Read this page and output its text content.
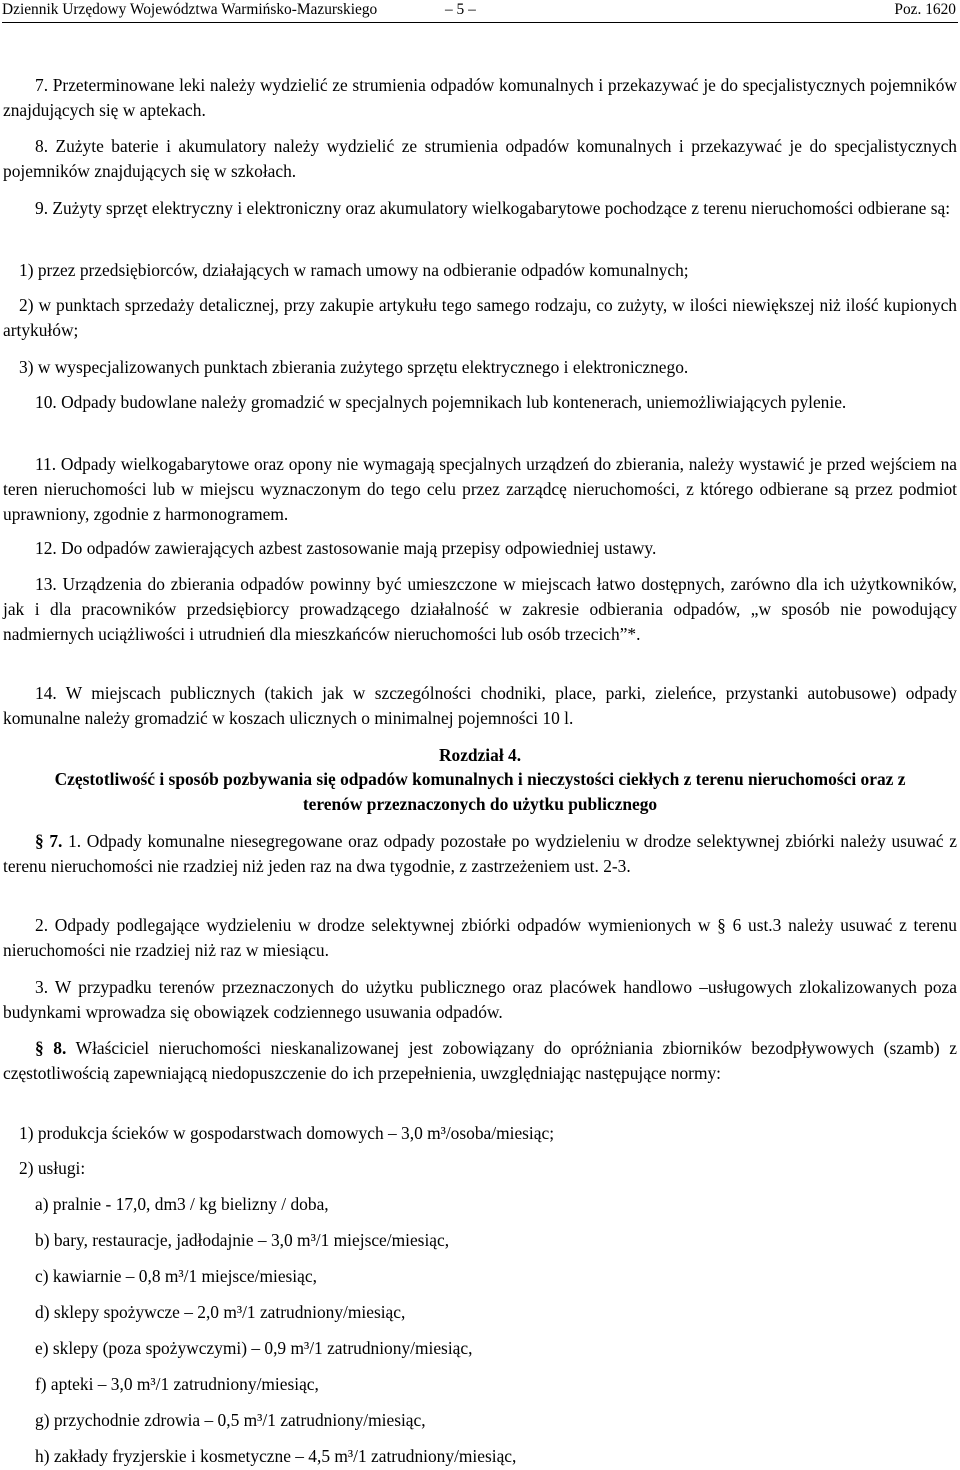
Dziennik Urzędowy Województwa Warmińsko-Mazurskiego	– 5 –	Poz. 1620

7. Przeterminowane leki należy wydzielić ze strumienia odpadów komunalnych i przekazywać je do specjalistycznych pojemników znajdujących się w aptekach.

8. Zużyte baterie i akumulatory należy wydzielić ze strumienia odpadów komunalnych i przekazywać je do specjalistycznych pojemników znajdujących się w szkołach.

9. Zużyty sprzęt elektryczny i elektroniczny oraz akumulatory wielkogabarytowe pochodzące z terenu nieruchomości odbierane są:

1) przez przedsiębiorców, działających w ramach umowy na odbieranie odpadów komunalnych;

2) w punktach sprzedaży detalicznej, przy zakupie artykułu tego samego rodzaju, co zużyty, w ilości niewiększej niż ilość kupionych artykułów;

3) w wyspecjalizowanych punktach zbierania zużytego sprzętu elektrycznego i elektronicznego.

10. Odpady budowlane należy gromadzić w specjalnych pojemnikach lub kontenerach, uniemożliwiających pylenie.

11. Odpady wielkogabarytowe oraz opony nie wymagają specjalnych urządzeń do zbierania, należy wystawić je przed wejściem na teren nieruchomości lub w miejscu wyznaczonym do tego celu przez zarządcę nieruchomości, z którego odbierane są przez podmiot uprawniony, zgodnie z harmonogramem.

12. Do odpadów zawierających azbest zastosowanie mają przepisy odpowiedniej ustawy.

13. Urządzenia do zbierania odpadów powinny być umieszczone w miejscach łatwo dostępnych, zarówno dla ich użytkowników, jak i dla pracowników przedsiębiorcy prowadzącego działalność w zakresie odbierania odpadów, „w sposób nie powodujący nadmiernych uciążliwości i utrudnień dla mieszkańców nieruchomości lub osób trzecich”*.

14. W miejscach publicznych (takich jak w szczególności chodniki, place, parki, zieleńce, przystanki autobusowe) odpady komunalne należy gromadzić w koszach ulicznych o minimalnej pojemności 10 l.

Rozdział 4.

Częstotliwość i sposób pozbywania się odpadów komunalnych i nieczystości ciekłych z terenu nieruchomości oraz z terenów przeznaczonych do użytku publicznego

§ 7. 1. Odpady komunalne niesegregowane oraz odpady pozostałe po wydzieleniu w drodze selektywnej zbiórki należy usuwać z terenu nieruchomości nie rzadziej niż jeden raz na dwa tygodnie, z zastrzeżeniem ust. 2-3.

2. Odpady podlegające wydzieleniu w drodze selektywnej zbiórki odpadów wymienionych w § 6 ust.3 należy usuwać z terenu nieruchomości nie rzadziej niż raz w miesiącu.

3. W przypadku terenów przeznaczonych do użytku publicznego oraz placówek handlowo –usługowych zlokalizowanych poza budynkami wprowadza się obowiązek codziennego usuwania odpadów.

§ 8. Właściciel nieruchomości nieskanalizowanej jest zobowiązany do opróżniania zbiorników bezodpływowych (szamb) z częstotliwością zapewniającą niedopuszczenie do ich przepełnienia, uwzględniając następujące normy:

1) produkcja ścieków w gospodarstwach domowych – 3,0 m³/osoba/miesiąc;

2) usługi:

a) pralnie - 17,0, dm3 / kg bielizny / doba,

b) bary, restauracje, jadłodajnie – 3,0 m³/1 miejsce/miesiąc,

c) kawiarnie – 0,8 m³/1 miejsce/miesiąc,

d) sklepy spożywcze – 2,0 m³/1 zatrudniony/miesiąc,

e) sklepy (poza spożywczymi) – 0,9 m³/1 zatrudniony/miesiąc,

f) apteki – 3,0 m³/1 zatrudniony/miesiąc,

g) przychodnie zdrowia – 0,5 m³/1 zatrudniony/miesiąc,

h) zakłady fryzjerskie i kosmetyczne – 4,5 m³/1 zatrudniony/miesiąc,
